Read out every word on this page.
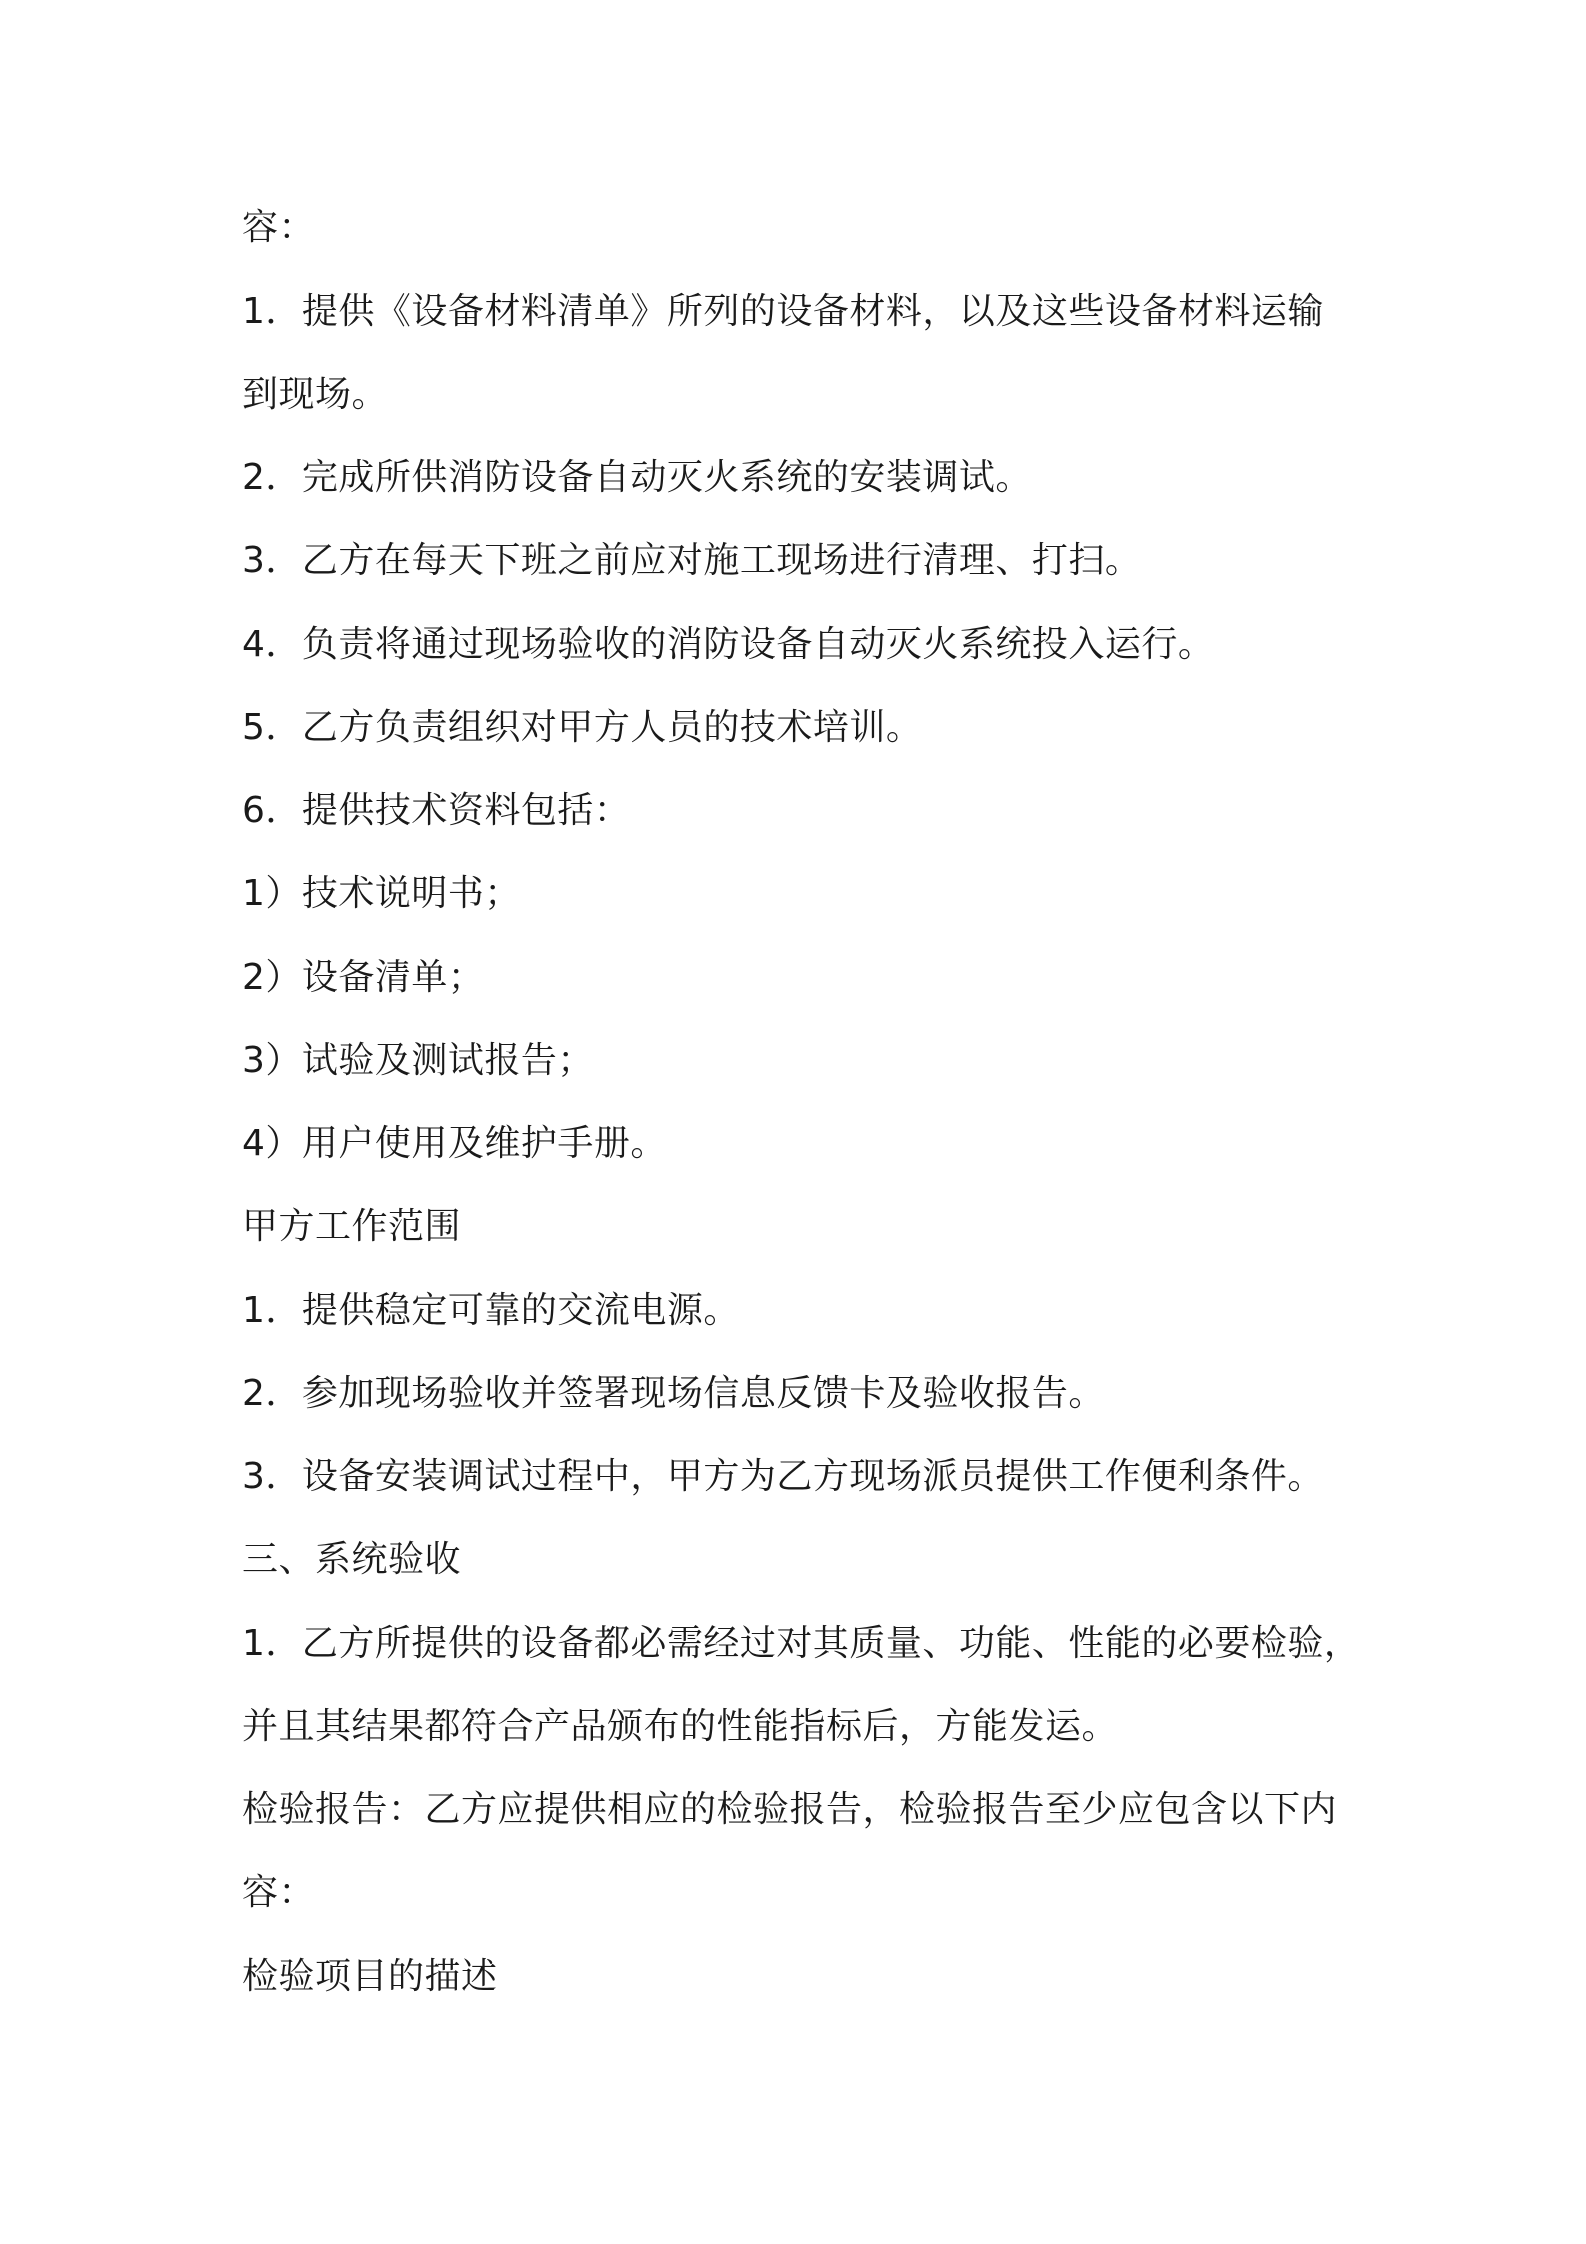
容：
1．提供《设备材料清单》所列的设备材料，以及这些设备材料运输
到现场。
2．完成所供消防设备自动灭火系统的安装调试。
3．乙方在每天下班之前应对施工现场进行清理、打扫。
4．负责将通过现场验收的消防设备自动灭火系统投入运行。
5．乙方负责组织对甲方人员的技术培训。
6．提供技术资料包括：
1）技术说明书；
2）设备清单；
3）试验及测试报告；
4）用户使用及维护手册。
甲方工作范围
1．提供稳定可靠的交流电源。
2．参加现场验收并签署现场信息反馈卡及验收报告。
3．设备安装调试过程中，甲方为乙方现场派员提供工作便利条件。
三、系统验收
1．乙方所提供的设备都必需经过对其质量、功能、性能的必要检验，
并且其结果都符合产品颁布的性能指标后，方能发运。
检验报告：乙方应提供相应的检验报告，检验报告至少应包含以下内
容：
检验项目的描述
